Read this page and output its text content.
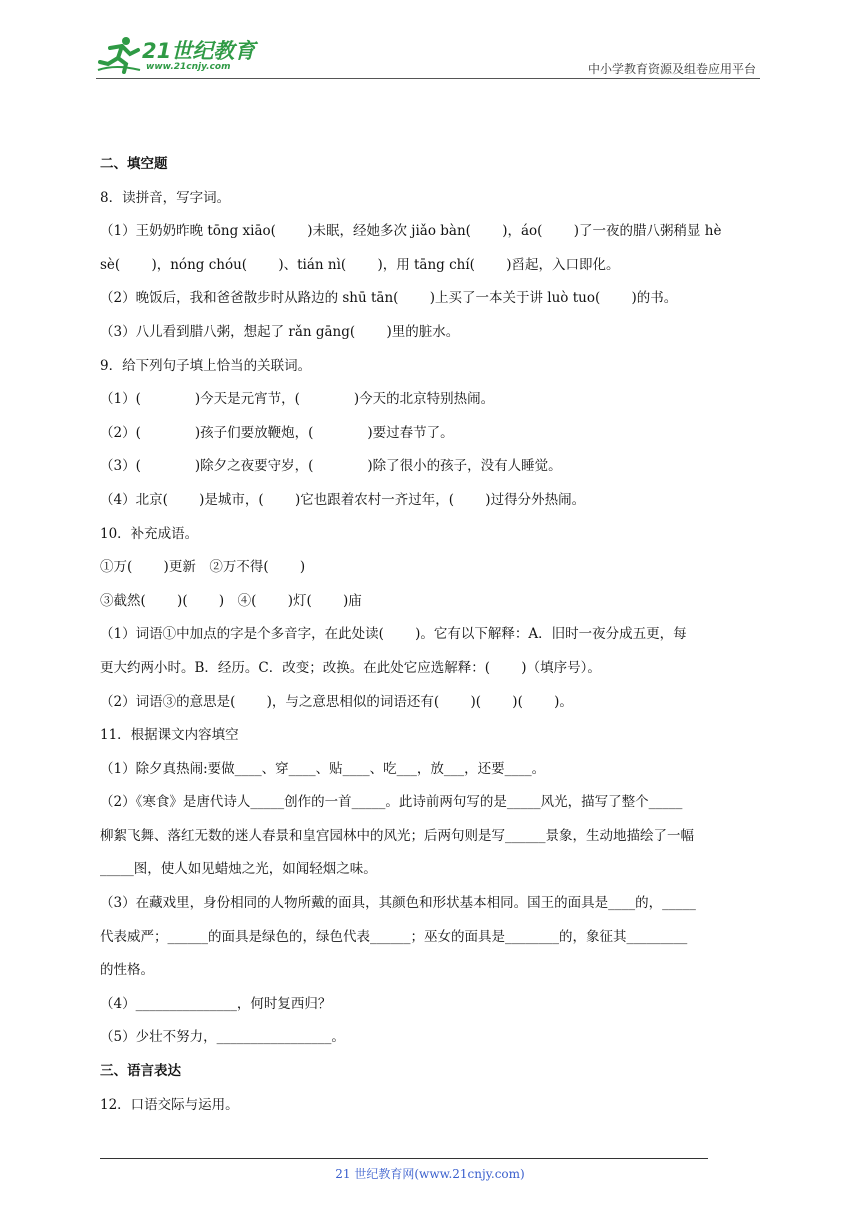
21世纪教育
www.21cnjy.com	中小学教育资源及组卷应用平台
二、填空题
8．读拼音，写字词。
（1）王奶奶昨晚 tōng xiāo(　　 )未眠，经她多次 jiǎo bàn(　　 )，áo(　　 )了一夜的腊八粥稍显 hè
sè(　　 )，nóng chóu(　　 )、tián nì(　　 )，用 tāng chí(　　 )舀起，入口即化。
（2）晚饭后，我和爸爸散步时从路边的 shū tān(　　 )上买了一本关于讲 luò tuo(　　 )的书。
（3）八儿看到腊八粥，想起了 rǎn gāng(　　 )里的脏水。
9．给下列句子填上恰当的关联词。
（1）(　　　　)今天是元宵节，(　　　　)今天的北京特别热闹。
（2）(　　　　)孩子们要放鞭炮，(　　　　)要过春节了。
（3）(　　　　)除夕之夜要守岁，(　　　　)除了很小的孩子，没有人睡觉。
（4）北京(　　 )是城市，(　　 )它也跟着农村一齐过年，(　　 )过得分外热闹。
10．补充成语。
①万(　　 )更新　②万不得(　　 )
③截然(　　 )(　　 )　④(　　 )灯(　　 )庙
（1）词语①中加点的字是个多音字，在此处读(　　 )。它有以下解释：A．旧时一夜分成五更，每
更大约两小时。B．经历。C．改变；改换。在此处它应选解释：(　　 )（填序号）。
（2）词语③的意思是(　　 )，与之意思相似的词语还有(　　 )(　　 )(　　 )。
11．根据课文内容填空
（1）除夕真热闹:要做____、穿____、贴____、吃___，放___，还要____。
（2）《寒食》是唐代诗人_____创作的一首_____。此诗前两句写的是_____风光，描写了整个_____
柳絮飞舞、落红无数的迷人春景和皇宫园林中的风光；后两句则是写______景象，生动地描绘了一幅
_____图，使人如见蜡烛之光，如闻轻烟之味。
（3）在藏戏里，身份相同的人物所戴的面具，其颜色和形状基本相同。国王的面具是____的，_____
代表威严；______的面具是绿色的，绿色代表______；巫女的面具是________的，象征其_________
的性格。
（4）_______________，何时复西归？
（5）少壮不努力，_________________。
三、语言表达
12．口语交际与运用。
21 世纪教育网(www.21cnjy.com)
